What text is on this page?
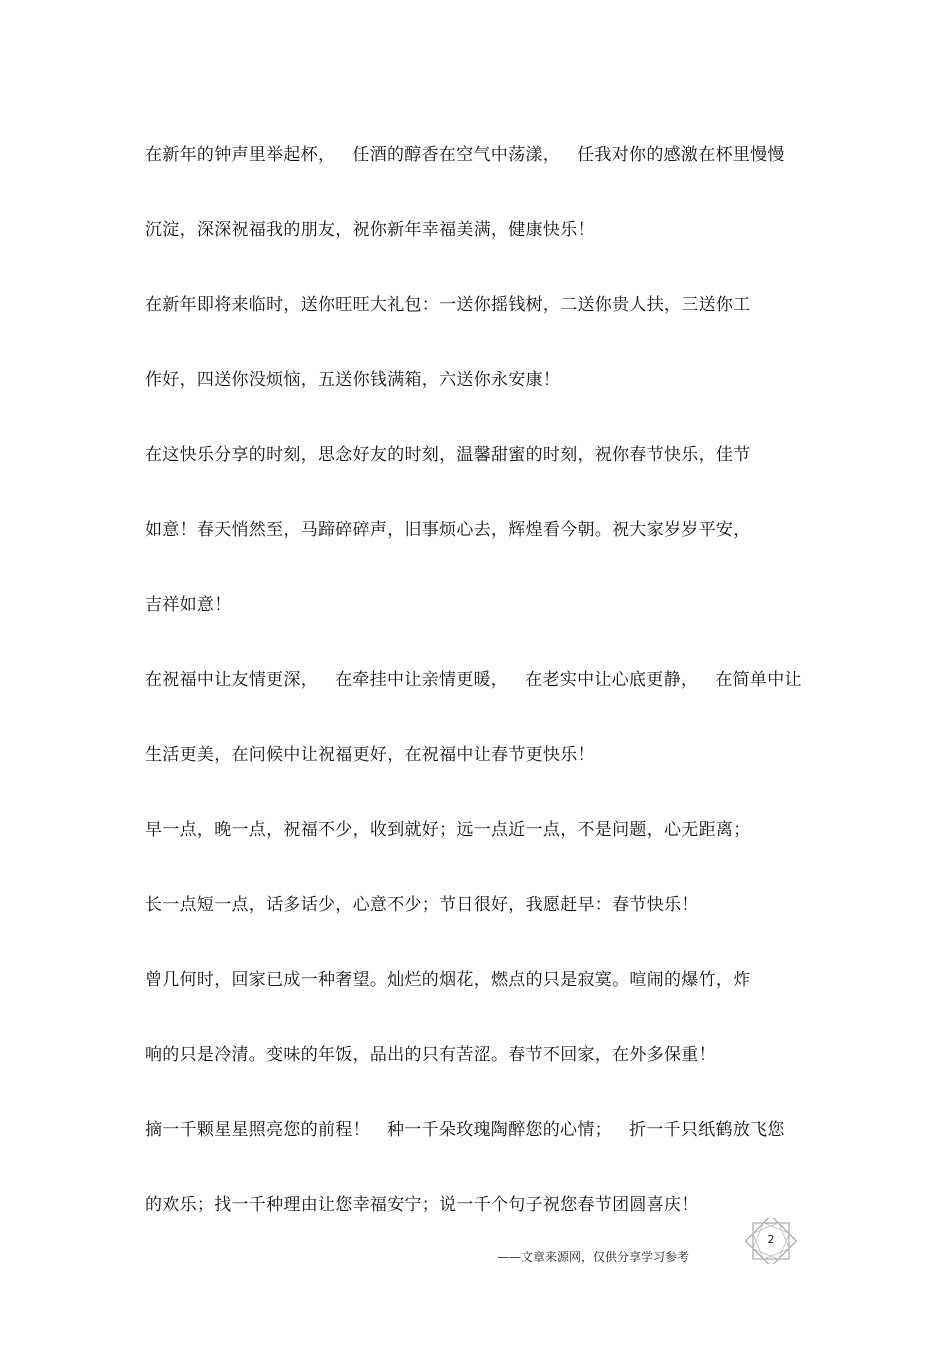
在新年的钟声里举起杯，   任酒的醇香在空气中荡漾，   任我对你的感激在杯里慢慢
沉淀，深深祝福我的朋友，祝你新年幸福美满，健康快乐！
在新年即将来临时，送你旺旺大礼包：一送你摇钱树，二送你贵人扶，三送你工
作好，四送你没烦恼，五送你钱满箱，六送你永安康！
在这快乐分享的时刻，思念好友的时刻，温馨甜蜜的时刻，祝你春节快乐，佳节
如意！春天悄然至，马蹄碎碎声，旧事烦心去，辉煌看今朝。祝大家岁岁平安，
吉祥如意！
在祝福中让友情更深，   在牵挂中让亲情更暖，   在老实中让心底更静，   在简单中让
生活更美，在问候中让祝福更好，在祝福中让春节更快乐！
早一点，晚一点，祝福不少，收到就好；远一点近一点，不是问题，心无距离；
长一点短一点，话多话少，心意不少；节日很好，我愿赶早：春节快乐！
曾几何时，回家已成一种奢望。灿烂的烟花，燃点的只是寂寞。喧闹的爆竹，炸
响的只是冷清。变味的年饭，品出的只有苦涩。春节不回家，在外多保重！
摘一千颗星星照亮您的前程！   种一千朵玫瑰陶醉您的心情；   折一千只纸鹤放飞您
的欢乐；找一千种理由让您幸福安宁；说一千个句子祝您春节团圆喜庆！
2
——文章来源网，仅供分享学习参考
